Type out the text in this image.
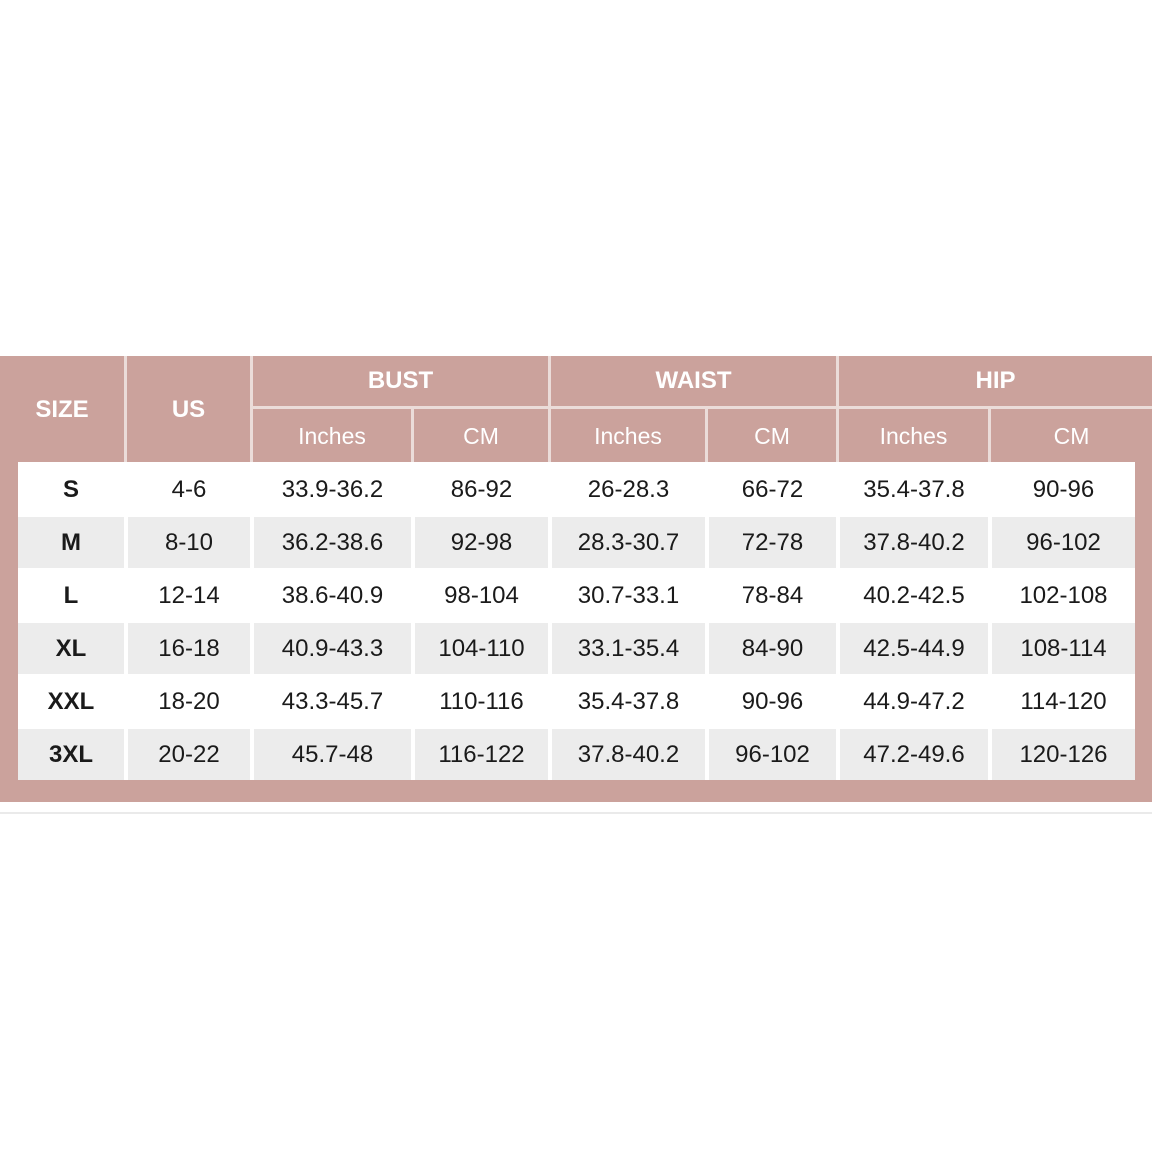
SIZE	US	BUST		WAIST		HIP	
		Inches	CM	Inches	CM	Inches	CM
S	4-6	33.9-36.2	86-92	26-28.3	66-72	35.4-37.8	90-96
M	8-10	36.2-38.6	92-98	28.3-30.7	72-78	37.8-40.2	96-102
L	12-14	38.6-40.9	98-104	30.7-33.1	78-84	40.2-42.5	102-108
XL	16-18	40.9-43.3	104-110	33.1-35.4	84-90	42.5-44.9	108-114
XXL	18-20	43.3-45.7	110-116	35.4-37.8	90-96	44.9-47.2	114-120
3XL	20-22	45.7-48	116-122	37.8-40.2	96-102	47.2-49.6	120-126
